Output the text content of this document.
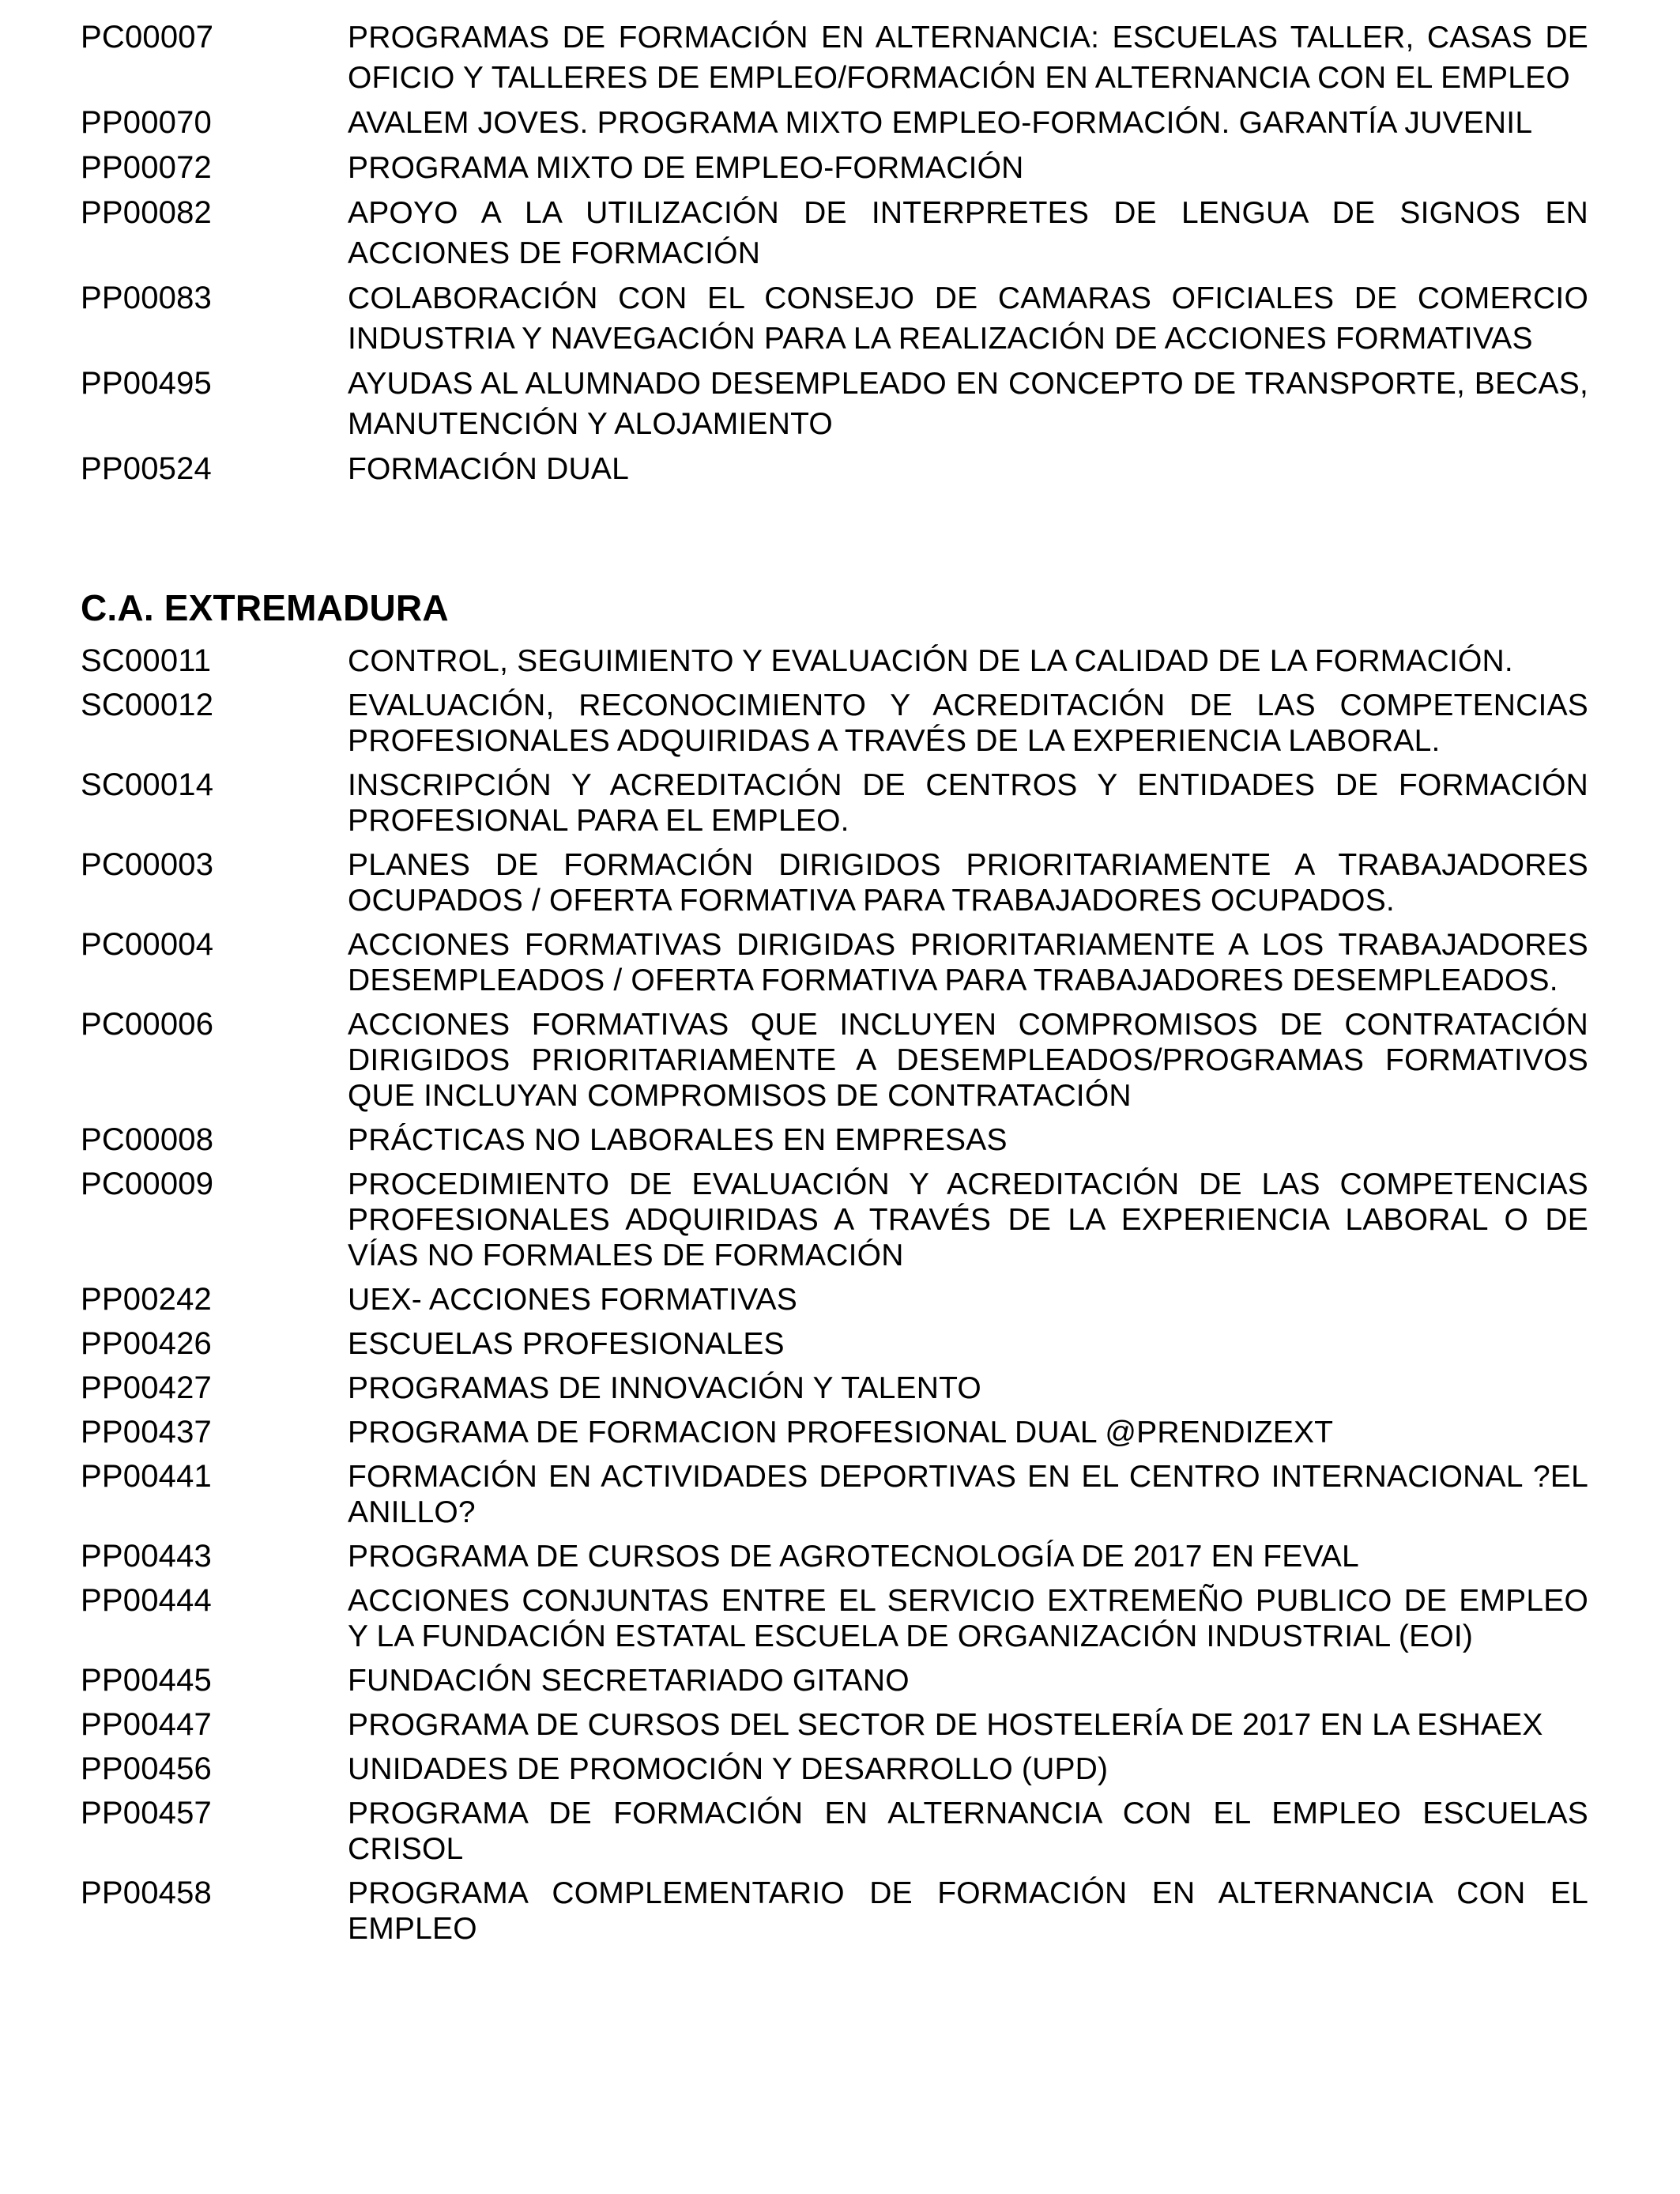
PC00007	PROGRAMAS DE FORMACIÓN EN ALTERNANCIA: ESCUELAS TALLER, CASAS DE OFICIO Y TALLERES DE EMPLEO/FORMACIÓN EN ALTERNANCIA CON EL EMPLEO
PP00070	AVALEM JOVES. PROGRAMA MIXTO EMPLEO-FORMACIÓN. GARANTÍA JUVENIL
PP00072	PROGRAMA MIXTO DE EMPLEO-FORMACIÓN
PP00082	APOYO A LA UTILIZACIÓN DE INTERPRETES DE LENGUA DE SIGNOS EN ACCIONES DE FORMACIÓN
PP00083	COLABORACIÓN CON EL CONSEJO DE CAMARAS OFICIALES DE COMERCIO INDUSTRIA Y NAVEGACIÓN PARA LA REALIZACIÓN DE ACCIONES FORMATIVAS
PP00495	AYUDAS AL ALUMNADO DESEMPLEADO EN CONCEPTO DE TRANSPORTE, BECAS, MANUTENCIÓN Y ALOJAMIENTO
PP00524	FORMACIÓN DUAL
C.A. EXTREMADURA
SC00011	CONTROL, SEGUIMIENTO Y EVALUACIÓN DE LA CALIDAD DE LA FORMACIÓN.
SC00012	EVALUACIÓN, RECONOCIMIENTO Y ACREDITACIÓN DE LAS COMPETENCIAS PROFESIONALES ADQUIRIDAS A TRAVÉS DE LA EXPERIENCIA LABORAL.
SC00014	INSCRIPCIÓN Y ACREDITACIÓN DE CENTROS Y ENTIDADES DE FORMACIÓN PROFESIONAL PARA EL EMPLEO.
PC00003	PLANES DE FORMACIÓN DIRIGIDOS PRIORITARIAMENTE A TRABAJADORES OCUPADOS / OFERTA FORMATIVA PARA TRABAJADORES OCUPADOS.
PC00004	ACCIONES FORMATIVAS DIRIGIDAS PRIORITARIAMENTE A LOS TRABAJADORES DESEMPLEADOS / OFERTA FORMATIVA PARA TRABAJADORES DESEMPLEADOS.
PC00006	ACCIONES FORMATIVAS QUE INCLUYEN COMPROMISOS DE CONTRATACIÓN DIRIGIDOS PRIORITARIAMENTE A DESEMPLEADOS/PROGRAMAS FORMATIVOS QUE INCLUYAN COMPROMISOS DE CONTRATACIÓN
PC00008	PRÁCTICAS NO LABORALES EN EMPRESAS
PC00009	PROCEDIMIENTO DE EVALUACIÓN Y ACREDITACIÓN DE LAS COMPETENCIAS PROFESIONALES ADQUIRIDAS A TRAVÉS DE LA EXPERIENCIA LABORAL O DE VÍAS NO FORMALES DE FORMACIÓN
PP00242	UEX- ACCIONES FORMATIVAS
PP00426	ESCUELAS PROFESIONALES
PP00427	PROGRAMAS DE INNOVACIÓN Y TALENTO
PP00437	PROGRAMA DE FORMACION PROFESIONAL DUAL @PRENDIZEXT
PP00441	FORMACIÓN EN ACTIVIDADES DEPORTIVAS EN EL CENTRO INTERNACIONAL ?EL ANILLO?
PP00443	PROGRAMA DE CURSOS DE AGROTECNOLOGÍA DE 2017 EN FEVAL
PP00444	ACCIONES CONJUNTAS ENTRE EL SERVICIO EXTREMEÑO PUBLICO DE EMPLEO Y LA FUNDACIÓN ESTATAL ESCUELA DE ORGANIZACIÓN INDUSTRIAL (EOI)
PP00445	FUNDACIÓN SECRETARIADO GITANO
PP00447	PROGRAMA DE CURSOS DEL SECTOR DE HOSTELERÍA DE 2017 EN LA ESHAEX
PP00456	UNIDADES DE PROMOCIÓN Y DESARROLLO (UPD)
PP00457	PROGRAMA DE FORMACIÓN EN ALTERNANCIA CON EL EMPLEO ESCUELAS CRISOL
PP00458	PROGRAMA COMPLEMENTARIO DE FORMACIÓN EN ALTERNANCIA CON EL EMPLEO
